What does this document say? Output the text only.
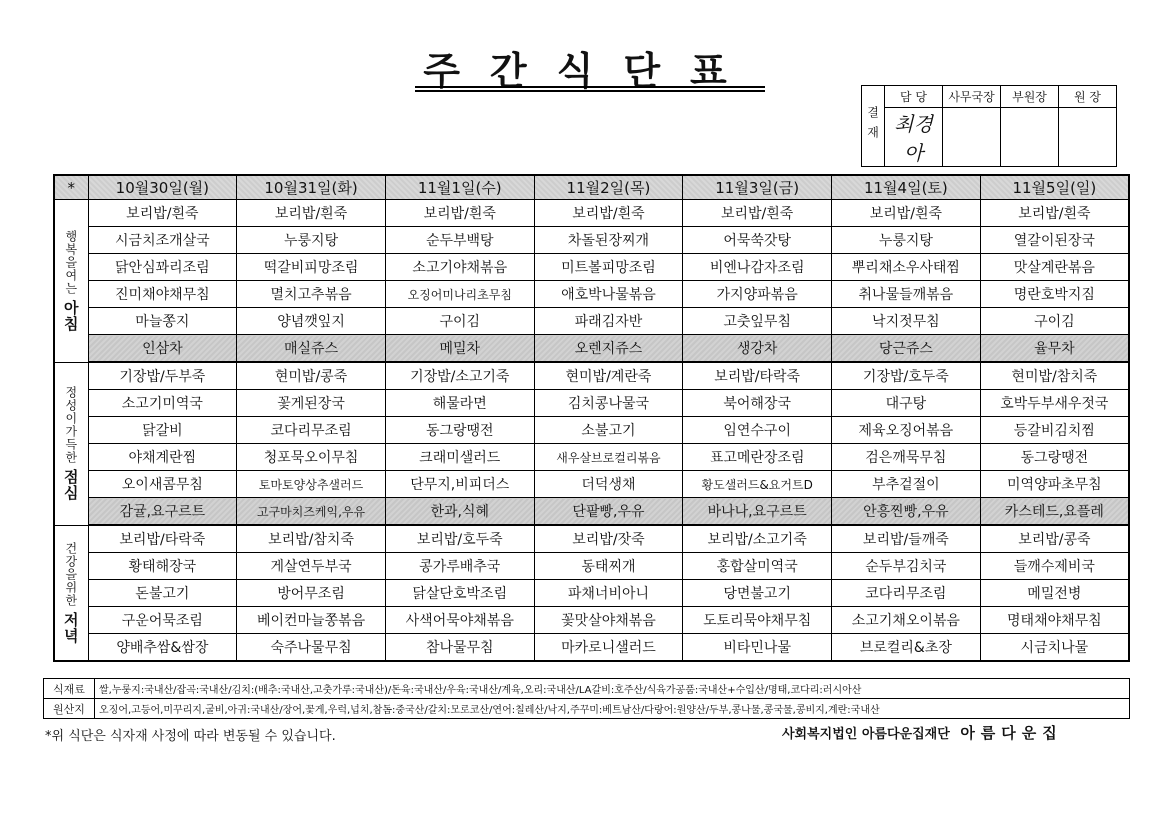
주간식단표
결재	담 당	사무국장	부원장	원 장
	최경아			
*	10월30일(월)	10월31일(화)	11월1일(수)	11월2일(목)	11월3일(금)	11월4일(토)	11월5일(일)
행복을여는 아침	보리밥/흰죽	보리밥/흰죽	보리밥/흰죽	보리밥/흰죽	보리밥/흰죽	보리밥/흰죽	보리밥/흰죽
	시금치조개살국	누룽지탕	순두부백탕	차돌된장찌개	어묵쑥갓탕	누룽지탕	열갈이된장국
	닭안심꽈리조림	떡갈비피망조림	소고기야채볶음	미트볼피망조림	비엔나감자조림	뿌리채소우사태찜	맛살계란볶음
	진미채야채무침	멸치고추볶음	오징어미나리초무침	애호박나물볶음	가지양파볶음	취나물들깨볶음	명란호박지짐
	마늘쫑지	양념깻잎지	구이김	파래김자반	고춧잎무침	낙지젓무침	구이김
	인삼차	매실쥬스	메밀차	오렌지쥬스	생강차	당근쥬스	율무차
정성이가득한 점심	기장밥/두부죽	현미밥/콩죽	기장밥/소고기죽	현미밥/계란죽	보리밥/타락죽	기장밥/호두죽	현미밥/참치죽
	소고기미역국	꽃게된장국	해물라면	김치콩나물국	북어해장국	대구탕	호박두부새우젓국
	닭갈비	코다리무조림	동그랑땡전	소불고기	임연수구이	제육오징어볶음	등갈비김치찜
	야채계란찜	청포묵오이무침	크래미샐러드	새우살브로컬리볶음	표고메란장조림	검은깨묵무침	동그랑땡전
	오이새콤무침	토마토양상추샐러드	단무지,비피더스	더덕생채	황도샐러드&요거트D	부추겉절이	미역양파초무침
	감귤,요구르트	고구마치즈케익,우유	한과,식혜	단팥빵,우유	바나나,요구르트	안흥찐빵,우유	카스테드,요플레
건강을위한 저녁	보리밥/타락죽	보리밥/참치죽	보리밥/호두죽	보리밥/잣죽	보리밥/소고기죽	보리밥/들깨죽	보리밥/콩죽
	황태해장국	게살연두부국	콩가루배추국	동태찌개	홍합살미역국	순두부김치국	들깨수제비국
	돈불고기	방어무조림	닭살단호박조림	파채너비아니	당면불고기	코다리무조림	메밀전병
	구운어묵조림	베이컨마늘쫑볶음	사색어묵야채볶음	꽃맛살야채볶음	도토리묵야채무침	소고기채오이볶음	명태채야채무침
	양배추쌈&쌈장	숙주나물무침	참나물무침	마카로니샐러드	비타민나물	브로컬리&초장	시금치나물
식재료	쌀,누룽지:국내산/잡곡:국내산/김치:(배추:국내산,고춧가루:국내산)/돈육:국내산/우육:국내산/계육,오리:국내산/LA갈비:호주산/식육가공품:국내산+수입산/명태,코다리:러시아산
원산지	오징어,고등어,미꾸리지,굴비,아귀:국내산/장어,꽃게,우럭,넙치,참돔:중국산/갈치:모로코산/연어:칠레산/낙지,주꾸미:베트남산/다랑어:원양산/두부,콩나물,콩국물,콩비지,계란:국내산
*위 식단은 식자재 사정에 따라 변동될 수 있습니다.	사회복지법인 아름다운집재단 아름다운집
